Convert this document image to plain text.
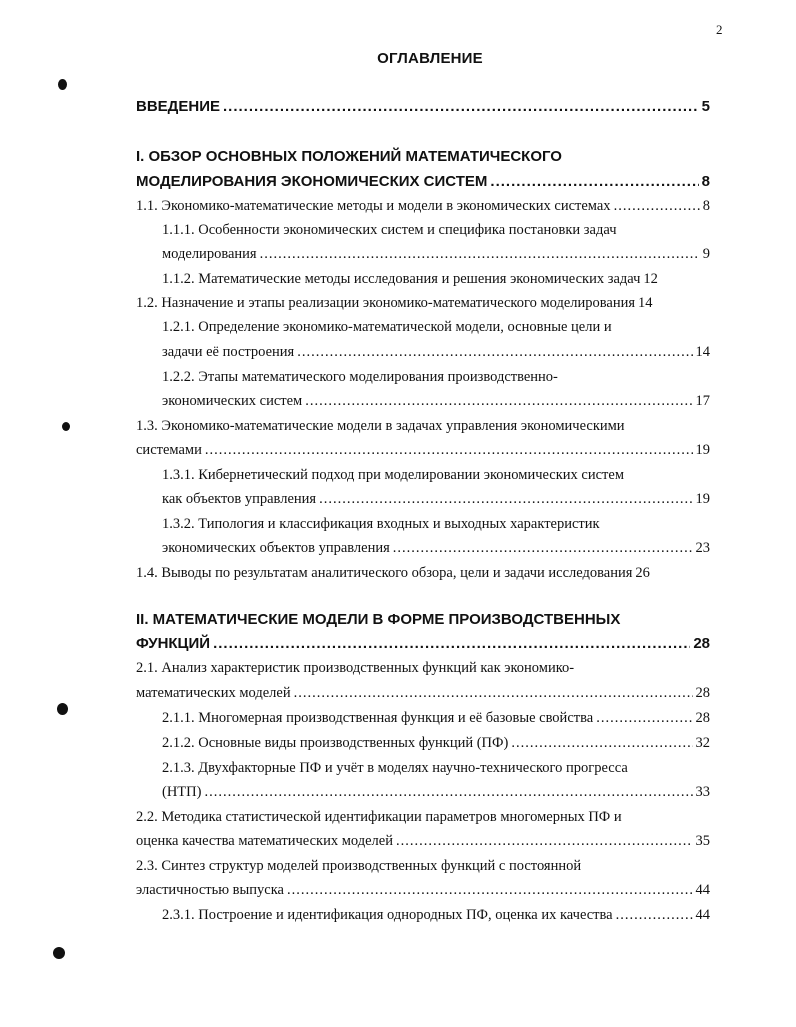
2
ОГЛАВЛЕНИЕ
ВВЕДЕНИЕ .....	5
I. ОБЗОР ОСНОВНЫХ ПОЛОЖЕНИЙ МАТЕМАТИЧЕСКОГО
МОДЕЛИРОВАНИЯ ЭКОНОМИЧЕСКИХ СИСТЕМ .....	8
1.1. Экономико-математические методы и модели в экономических системах .....	8
1.1.1. Особенности экономических систем и специфика постановки задач
моделирования .....	9
1.1.2. Математические методы исследования и решения экономических задач 12
1.2. Назначение и этапы реализации экономико-математического моделирования 14
1.2.1. Определение экономико-математической модели, основные цели и
задачи её построения .....	14
1.2.2. Этапы математического моделирования производственно-
экономических систем .....	17
1.3. Экономико-математические модели в задачах управления экономическими
системами .....	19
1.3.1. Кибернетический подход при моделировании экономических систем
как объектов управления .....	19
1.3.2. Типология и классификация входных и выходных характеристик
экономических объектов управления .....	23
1.4. Выводы по результатам аналитического обзора, цели и задачи исследования 26
II. МАТЕМАТИЧЕСКИЕ МОДЕЛИ В ФОРМЕ ПРОИЗВОДСТВЕННЫХ
ФУНКЦИЙ .....	28
2.1. Анализ характеристик производственных функций как экономико-
математических моделей .....	28
2.1.1. Многомерная производственная функция и её базовые свойства .....	28
2.1.2. Основные виды производственных функций (ПФ) .....	32
2.1.3. Двухфакторные ПФ и учёт в моделях научно-технического прогресса
(НТП) .....	33
2.2. Методика статистической идентификации параметров многомерных ПФ и
оценка качества математических моделей .....	35
2.3. Синтез структур моделей производственных функций с постоянной
эластичностью выпуска .....	44
2.3.1. Построение и идентификация однородных ПФ, оценка их качества .....	44
